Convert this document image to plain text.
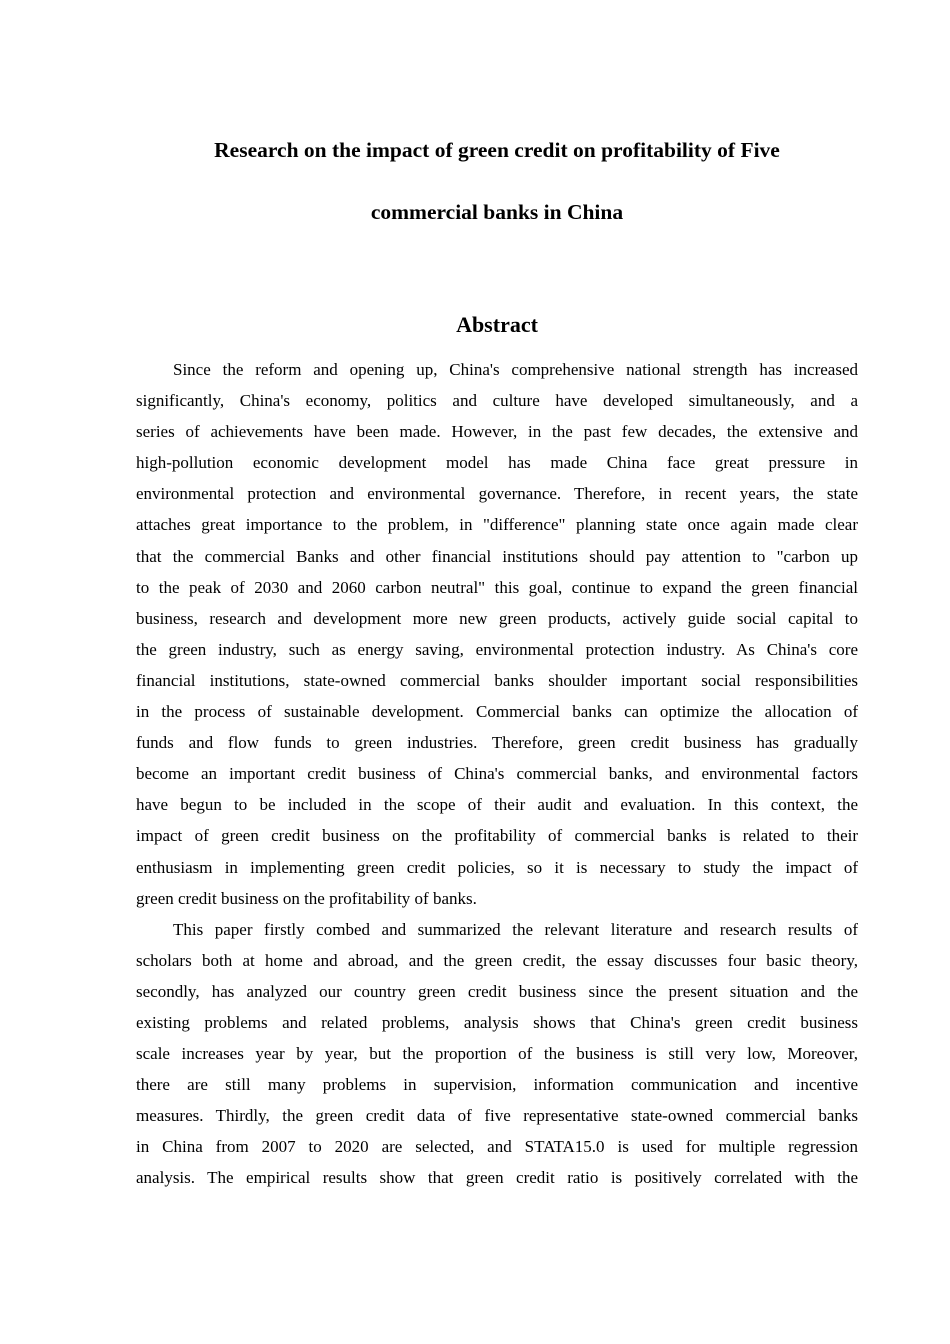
Research on the impact of green credit on profitability of Five
commercial banks in China
Abstract
Since the reform and opening up, China's comprehensive national strength has increased
significantly, China's economy, politics and culture have developed simultaneously, and a
series of achievements have been made. However, in the past few decades, the extensive and
high-pollution economic development model has made China face great pressure in
environmental protection and environmental governance. Therefore, in recent years, the state
attaches great importance to the problem, in "difference" planning state once again made clear
that the commercial Banks and other financial institutions should pay attention to "carbon up
to the peak of 2030 and 2060 carbon neutral" this goal, continue to expand the green financial
business, research and development more new green products, actively guide social capital to
the green industry, such as energy saving, environmental protection industry. As China's core
financial institutions, state-owned commercial banks shoulder important social responsibilities
in the process of sustainable development. Commercial banks can optimize the allocation of
funds and flow funds to green industries. Therefore, green credit business has gradually
become an important credit business of China's commercial banks, and environmental factors
have begun to be included in the scope of their audit and evaluation. In this context, the
impact of green credit business on the profitability of commercial banks is related to their
enthusiasm in implementing green credit policies, so it is necessary to study the impact of
green credit business on the profitability of banks.
This paper firstly combed and summarized the relevant literature and research results of
scholars both at home and abroad, and the green credit, the essay discusses four basic theory,
secondly, has analyzed our country green credit business since the present situation and the
existing problems and related problems, analysis shows that China's green credit business
scale increases year by year, but the proportion of the business is still very low, Moreover,
there are still many problems in supervision, information communication and incentive
measures. Thirdly, the green credit data of five representative state-owned commercial banks
in China from 2007 to 2020 are selected, and STATA15.0 is used for multiple regression
analysis. The empirical results show that green credit ratio is positively correlated with the
